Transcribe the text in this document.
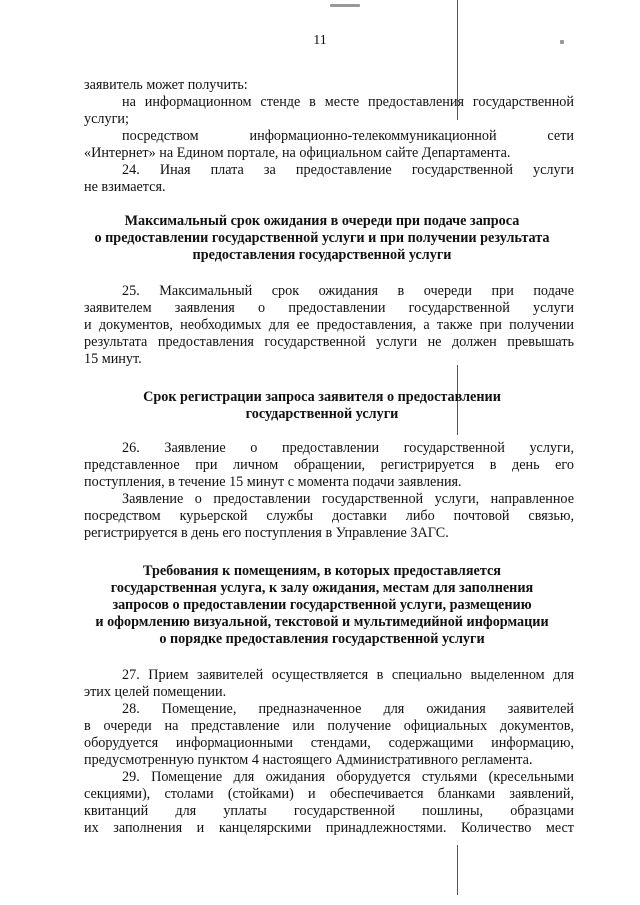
11
заявитель может получить:
на информационном стенде в месте предоставления государственной
услуги;
посредством информационно-телекоммуникационной сети
«Интернет» на Едином портале, на официальном сайте Департамента.
24. Иная плата за предоставление государственной услуги
не взимается.
Максимальный срок ожидания в очереди при подаче запроса
о предоставлении государственной услуги и при получении результата
предоставления государственной услуги
25. Максимальный срок ожидания в очереди при подаче
заявителем заявления о предоставлении государственной услуги
и документов, необходимых для ее предоставления, а также при получении
результата предоставления государственной услуги не должен превышать
15 минут.
Срок регистрации запроса заявителя о предоставлении
государственной услуги
26. Заявление о предоставлении государственной услуги,
представленное при личном обращении, регистрируется в день его
поступления, в течение 15 минут с момента подачи заявления.
Заявление о предоставлении государственной услуги, направленное
посредством курьерской службы доставки либо почтовой связью,
регистрируется в день его поступления в Управление ЗАГС.
Требования к помещениям, в которых предоставляется
государственная услуга, к залу ожидания, местам для заполнения
запросов о предоставлении государственной услуги, размещению
и оформлению визуальной, текстовой и мультимедийной информации
о порядке предоставления государственной услуги
27. Прием заявителей осуществляется в специально выделенном для
этих целей помещении.
28. Помещение, предназначенное для ожидания заявителей
в очереди на представление или получение официальных документов,
оборудуется информационными стендами, содержащими информацию,
предусмотренную пунктом 4 настоящего Административного регламента.
29. Помещение для ожидания оборудуется стульями (кресельными
секциями), столами (стойками) и обеспечивается бланками заявлений,
квитанций для уплаты государственной пошлины, образцами
их заполнения и канцелярскими принадлежностями. Количество мест
